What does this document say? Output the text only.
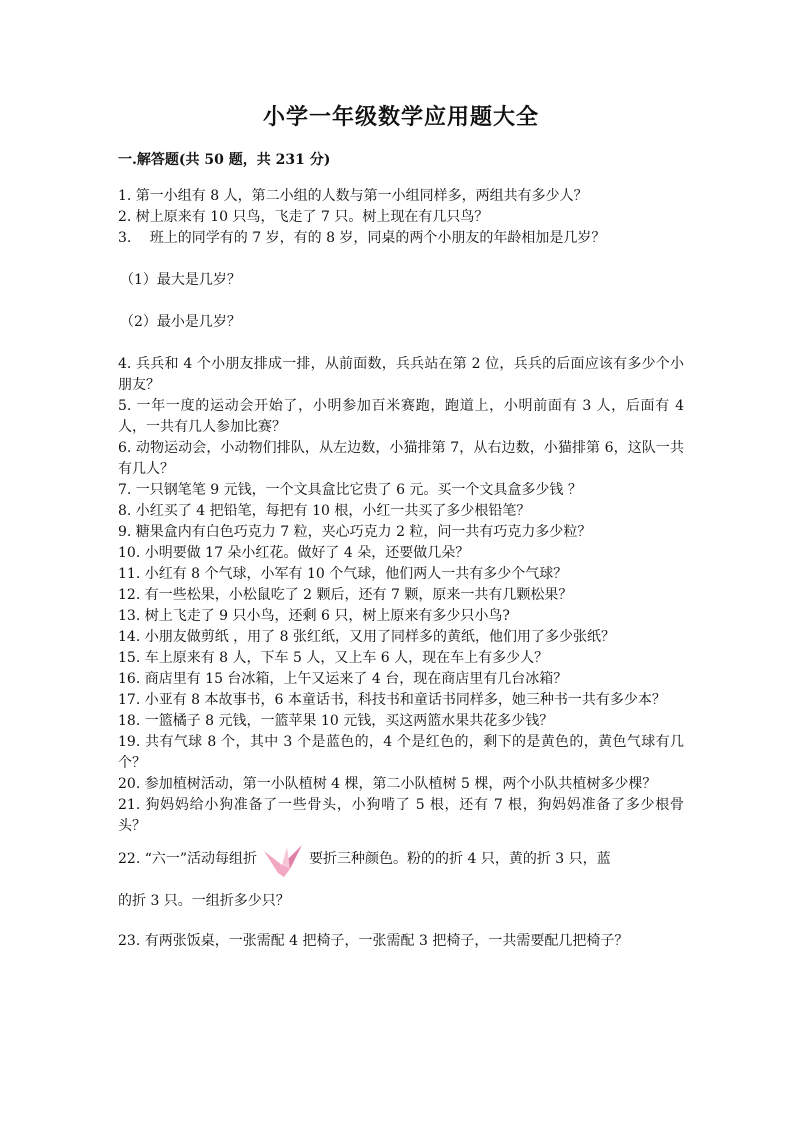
小学一年级数学应用题大全
一.解答题(共 50 题，共 231 分)

1. 第一小组有 8 人，第二小组的人数与第一小组同样多，两组共有多少人？

2. 树上原来有 10 只鸟，飞走了 7 只。树上现在有几只鸟？

3.　 班上的同学有的 7 岁，有的 8 岁，同桌的两个小朋友的年龄相加是几岁？

（1）最大是几岁？

（2）最小是几岁？

4. 兵兵和 4 个小朋友排成一排，从前面数，兵兵站在第 2 位，兵兵的后面应该有多少个小朋友？

5. 一年一度的运动会开始了，小明参加百米赛跑，跑道上，小明前面有 3 人，后面有 4 人，一共有几人参加比赛？

6. 动物运动会，小动物们排队，从左边数，小猫排第 7，从右边数，小猫排第 6，这队一共有几人？

7. 一只钢笔笔 9 元钱，一个文具盒比它贵了 6 元。买一个文具盒多少钱 ？

8. 小红买了 4 把铅笔，每把有 10 根，小红一共买了多少根铅笔？

9. 糖果盒内有白色巧克力 7 粒，夹心巧克力 2 粒，问一共有巧克力多少粒？

10. 小明要做 17 朵小红花。做好了 4 朵，还要做几朵？

11. 小红有 8 个气球，小军有 10 个气球，他们两人一共有多少个气球？

12. 有一些松果，小松鼠吃了 2 颗后，还有 7 颗，原来一共有几颗松果？

13. 树上飞走了 9 只小鸟，还剩 6 只，树上原来有多少只小鸟?

14. 小朋友做剪纸 ，用了 8 张红纸，又用了同样多的黄纸，他们用了多少张纸？

15. 车上原来有 8 人，下车 5 人，又上车 6 人，现在车上有多少人？

16. 商店里有 15 台冰箱，上午又运来了 4 台，现在商店里有几台冰箱？

17. 小亚有 8 本故事书，6 本童话书，科技书和童话书同样多，她三种书一共有多少本？

18. 一篮橘子 8 元钱，一篮苹果 10 元钱，买这两篮水果共花多少钱？

19. 共有气球 8 个，其中 3 个是蓝色的，4 个是红色的，剩下的是黄色的，黄色气球有几个？

20. 参加植树活动，第一小队植树 4 棵，第二小队植树 5 棵，两个小队共植树多少棵？

21. 狗妈妈给小狗准备了一些骨头，小狗啃了 5 根，还有 7 根，狗妈妈准备了多少根骨头？

22. “六一”活动每组折	要折三种颜色。粉的的折 4 只，黄的折 3 只，蓝

的折 3 只。一组折多少只？

23. 有两张饭桌，一张需配 4 把椅子，一张需配 3 把椅子，一共需要配几把椅子？
